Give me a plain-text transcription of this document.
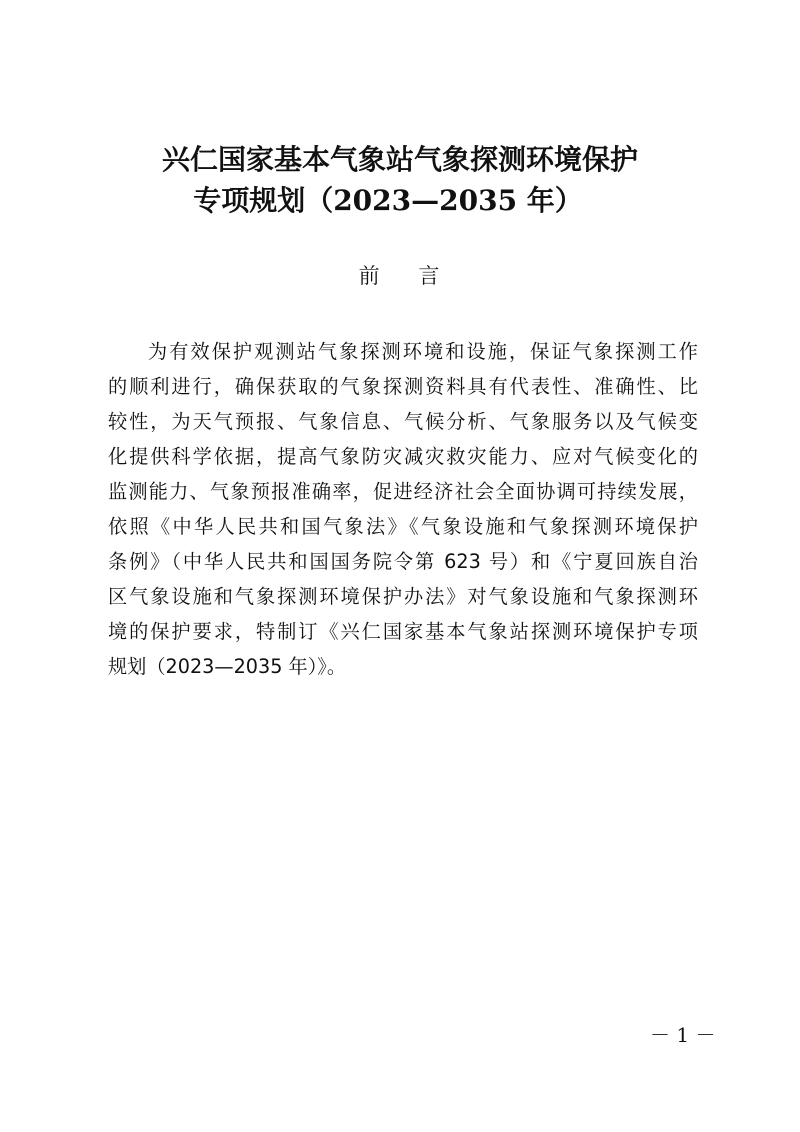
兴仁国家基本气象站气象探测环境保护
专项规划（2023—2035 年）
前 言
为有效保护观测站气象探测环境和设施，保证气象探测工作
的顺利进行，确保获取的气象探测资料具有代表性、准确性、比
较性，为天气预报、气象信息、气候分析、气象服务以及气候变
化提供科学依据，提高气象防灾减灾救灾能力、应对气候变化的
监测能力、气象预报准确率，促进经济社会全面协调可持续发展，
依照《中华人民共和国气象法》《气象设施和气象探测环境保护
条例》（中华人民共和国国务院令第 623 号）和《宁夏回族自治
区气象设施和气象探测环境保护办法》对气象设施和气象探测环
境的保护要求，特制订《兴仁国家基本气象站探测环境保护专项
规划（2023—2035 年）》。
－ 1 －
